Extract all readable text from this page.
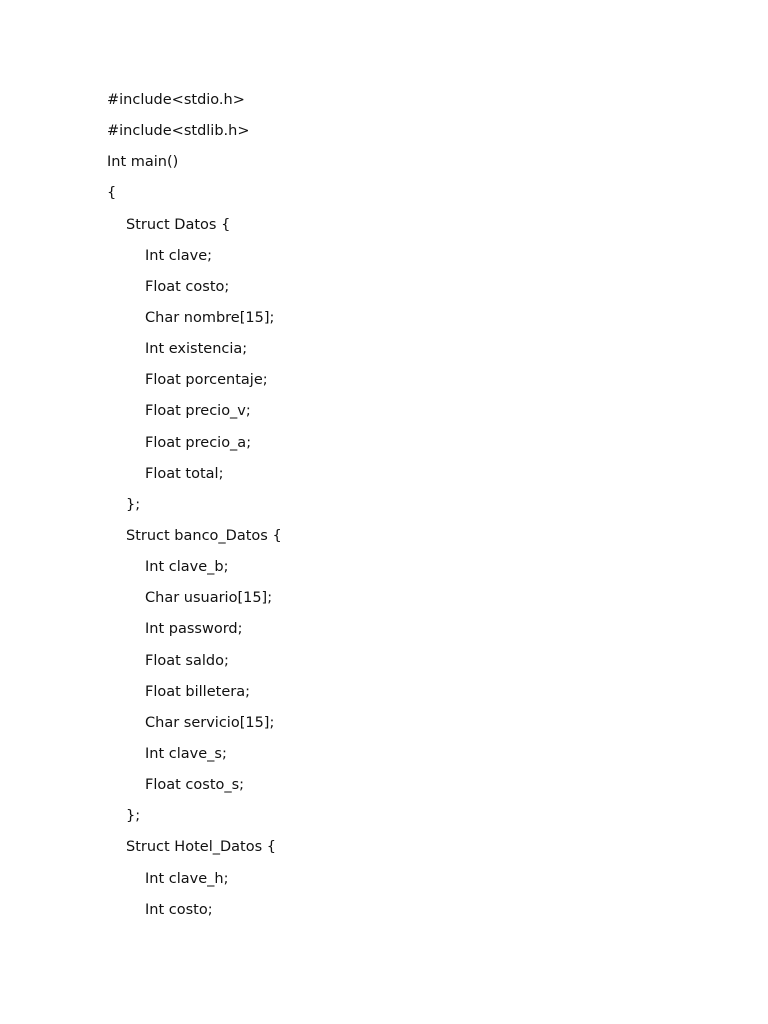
#include<stdio.h>
#include<stdlib.h>
Int main()
{
Struct Datos {
Int clave;
Float costo;
Char nombre[15];
Int existencia;
Float porcentaje;
Float precio_v;
Float precio_a;
Float total;
};
Struct banco_Datos {
Int clave_b;
Char usuario[15];
Int password;
Float saldo;
Float billetera;
Char servicio[15];
Int clave_s;
Float costo_s;
};
Struct Hotel_Datos {
Int clave_h;
Int costo;
